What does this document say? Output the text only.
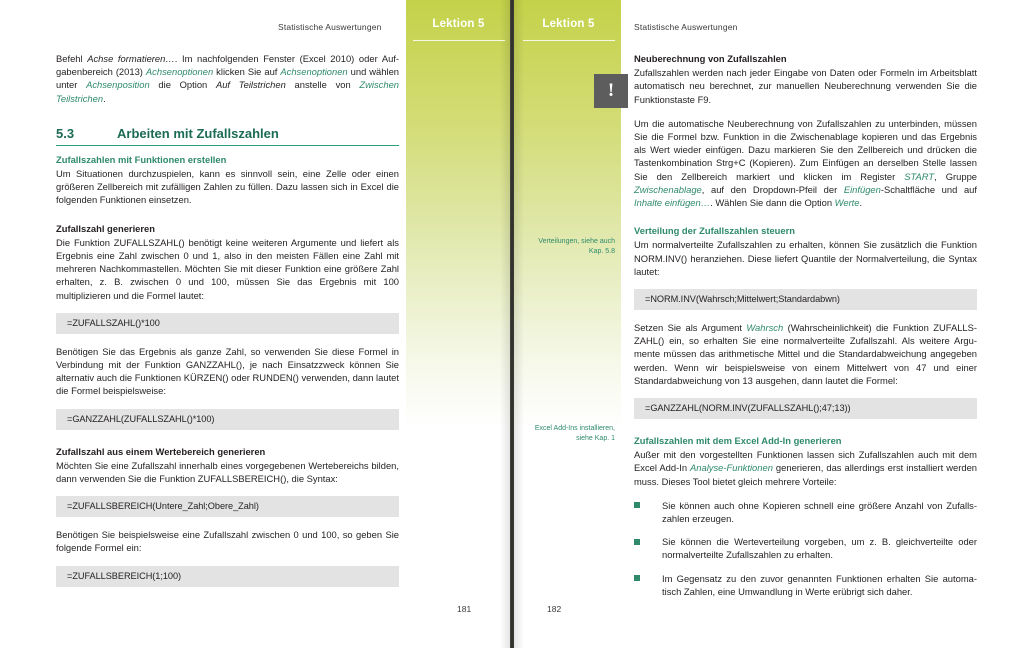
Lektion 5	Lektion 5
Statistische Auswertungen	Statistische Auswertungen
181	182
!
Verteilungen, siehe auch Kap. 5.8
Excel Add-Ins installieren, siehe Kap. 1

Befehl Achse formatieren…. Im nachfolgenden Fenster (Excel 2010) oder Aufgabenbereich (2013) Achsenoptionen klicken Sie auf Achsenoptionen und wählen unter Achsenposition die Option Auf Teilstrichen anstelle von Zwischen Teilstrichen.

5.3	Arbeiten mit Zufallszahlen
Zufallszahlen mit Funktionen erstellen

Um Situationen durchzuspielen, kann es sinnvoll sein, eine Zelle oder einen größeren Zellbereich mit zufälligen Zahlen zu füllen. Dazu lassen sich in Excel die folgenden Funktionen einsetzen.

Zufallszahl generieren

Die Funktion ZUFALLSZAHL() benötigt keine weiteren Argumente und liefert als Ergebnis eine Zahl zwischen 0 und 1, also in den meisten Fällen eine Zahl mit mehreren Nachkommastellen. Möchten Sie mit dieser Funktion eine größere Zahl erhalten, z. B. zwischen 0 und 100, müssen Sie das Ergebnis mit 100 multiplizieren und die Formel lautet:

=ZUFALLSZAHL()*100

Benötigen Sie das Ergebnis als ganze Zahl, so verwenden Sie diese Formel in Verbindung mit der Funktion GANZZAHL(), je nach Einsatzzweck können Sie alternativ auch die Funktionen KÜRZEN() oder RUNDEN() verwenden, dann lautet die Formel beispielsweise:

=GANZZAHL(ZUFALLSZAHL()*100)
Zufallszahl aus einem Wertebereich generieren

Möchten Sie eine Zufallszahl innerhalb eines vorgegebenen Wertebereichs bilden, dann verwenden Sie die Funktion ZUFALLSBEREICH(), die Syntax:

=ZUFALLSBEREICH(Untere_Zahl;Obere_Zahl)

Benötigen Sie beispielsweise eine Zufallszahl zwischen 0 und 100, so geben Sie folgende Formel ein:

=ZUFALLSBEREICH(1;100)
Neuberechnung von Zufallszahlen

Zufallszahlen werden nach jeder Eingabe von Daten oder Formeln im Arbeitsblatt automatisch neu berechnet, zur manuellen Neuberechnung verwenden Sie die Funktionstaste F9.

Um die automatische Neuberechnung von Zufallszahlen zu unterbinden, müssen Sie die Formel bzw. Funktion in die Zwischenablage kopieren und das Ergebnis als Wert wieder einfügen. Dazu markieren Sie den Zellbereich und drücken die Tastenkombination Strg+C (Kopieren). Zum Einfügen an derselben Stelle lassen Sie den Zellbereich markiert und klicken im Register START, Gruppe Zwischenablage, auf den Dropdown-Pfeil der Einfügen-Schaltfläche und auf Inhalte einfügen…. Wählen Sie dann die Option Werte.

Verteilung der Zufallszahlen steuern

Um normalverteilte Zufallszahlen zu erhalten, können Sie zusätzlich die Funktion NORM.INV() heranziehen. Diese liefert Quantile der Normalverteilung, die Syntax lautet:

=NORM.INV(Wahrsch;Mittelwert;Standardabwn)

Setzen Sie als Argument Wahrsch (Wahrscheinlichkeit) die Funktion ZUFALLSZAHL() ein, so erhalten Sie eine normalverteilte Zufallszahl. Als weitere Argumente müssen das arithmetische Mittel und die Standardabweichung angegeben werden. Wenn wir beispielsweise von einem Mittelwert von 47 und einer Standardabweichung von 13 ausgehen, dann lautet die Formel:

=GANZZAHL(NORM.INV(ZUFALLSZAHL();47;13))
Zufallszahlen mit dem Excel Add-In generieren

Außer mit den vorgestellten Funktionen lassen sich Zufallszahlen auch mit dem Excel Add-In Analyse-Funktionen generieren, das allerdings erst installiert werden muss. Dieses Tool bietet gleich mehrere Vorteile:

Sie können auch ohne Kopieren schnell eine größere Anzahl von Zufallszahlen erzeugen.
Sie können die Werteverteilung vorgeben, um z. B. gleichverteilte oder normalverteilte Zufallszahlen zu erhalten.
Im Gegensatz zu den zuvor genannten Funktionen erhalten Sie automatisch Zahlen, eine Umwandlung in Werte erübrigt sich daher.
